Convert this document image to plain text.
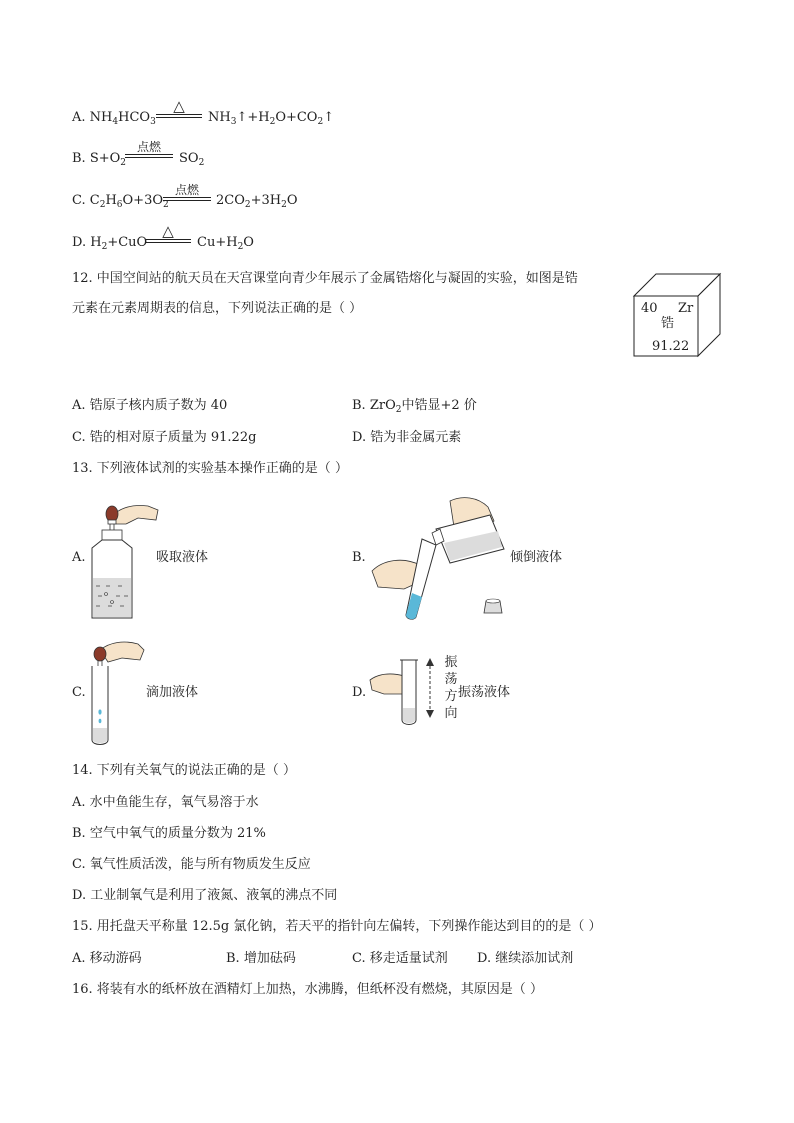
A. $NH_4HCO_3$
△
$NH_3↑+H_2O+CO_2↑$
B. $S+O_2$
点燃
$SO_2$
C. $C_2H_6O+3O_2$
点燃
$2CO_2+3H_2O$
D. $H_2+CuO$
△
$Cu+H_2O$
12. 中国空间站的航天员在天宫课堂向青少年展示了金属锆熔化与凝固的实验，如图是锆
元素在元素周期表的信息，下列说法正确的是（ ）	40 Zr
锆
91.22
A. 锆原子核内质子数为 40	B. ZrO$_2$中锆显+2 价
C. 锆的相对原子质量为 91.22g	D. 锆为非金属元素
13. 下列液体试剂的实验基本操作正确的是（ ）
A.	吸取液体	B.	倾倒液体
C.	滴加液体	D.
振
荡
方
向
振荡液体
14. 下列有关氧气的说法正确的是（ ）
A. 水中鱼能生存，氧气易溶于水
B. 空气中氧气的质量分数为 21%
C. 氧气性质活泼，能与所有物质发生反应
D. 工业制氧气是利用了液氮、液氧的沸点不同
15. 用托盘天平称量 12.5g 氯化钠，若天平的指针向左偏转，下列操作能达到目的的是（ ）
A. 移动游码	B. 增加砝码	C. 移走适量试剂 D. 继续添加试剂
16. 将装有水的纸杯放在酒精灯上加热，水沸腾，但纸杯没有燃烧，其原因是（ ）
